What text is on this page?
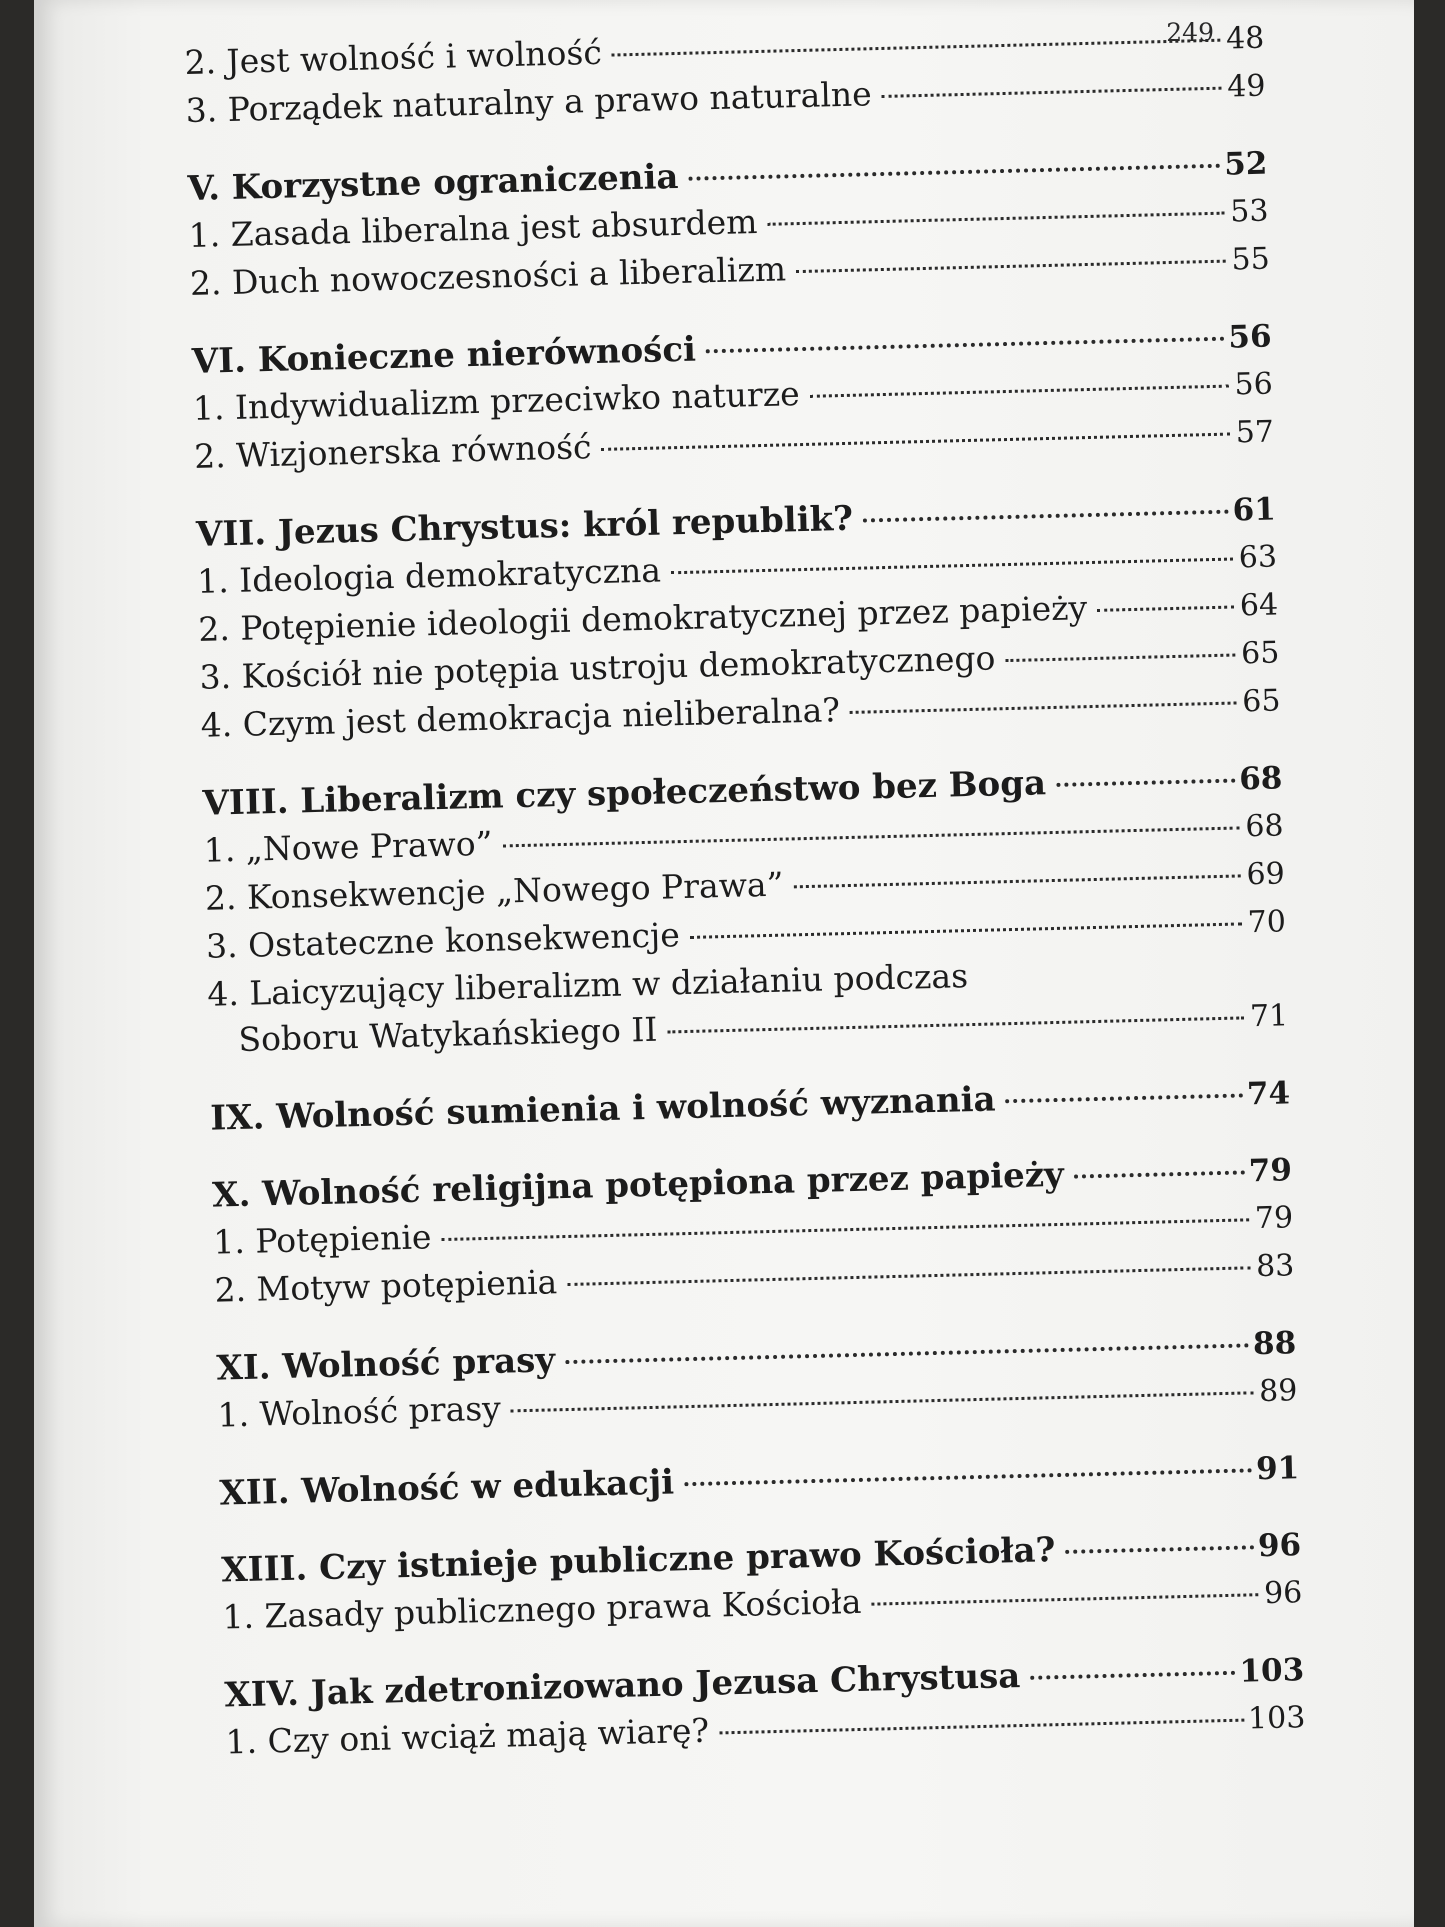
249
2. Jest wolność i wolność	48
3. Porządek naturalny a prawo naturalne	49
V. Korzystne ograniczenia	52
1. Zasada liberalna jest absurdem	53
2. Duch nowoczesności a liberalizm	55
VI. Konieczne nierówności	56
1. Indywidualizm przeciwko naturze	56
2. Wizjonerska równość	57
VII. Jezus Chrystus: król republik?	61
1. Ideologia demokratyczna	63
2. Potępienie ideologii demokratycznej przez papieży	64
3. Kościół nie potępia ustroju demokratycznego	65
4. Czym jest demokracja nieliberalna?	65
VIII. Liberalizm czy społeczeństwo bez Boga	68
1. „Nowe Prawo”	68
2. Konsekwencje „Nowego Prawa”	69
3. Ostateczne konsekwencje	70
4. Laicyzujący liberalizm w działaniu podczas
Soboru Watykańskiego II	71
IX. Wolność sumienia i wolność wyznania	74
X. Wolność religijna potępiona przez papieży	79
1. Potępienie	79
2. Motyw potępienia	83
XI. Wolność prasy	88
1. Wolność prasy	89
XII. Wolność w edukacji	91
XIII. Czy istnieje publiczne prawo Kościoła?	96
1. Zasady publicznego prawa Kościoła	96
XIV. Jak zdetronizowano Jezusa Chrystusa	103
1. Czy oni wciąż mają wiarę?	103
